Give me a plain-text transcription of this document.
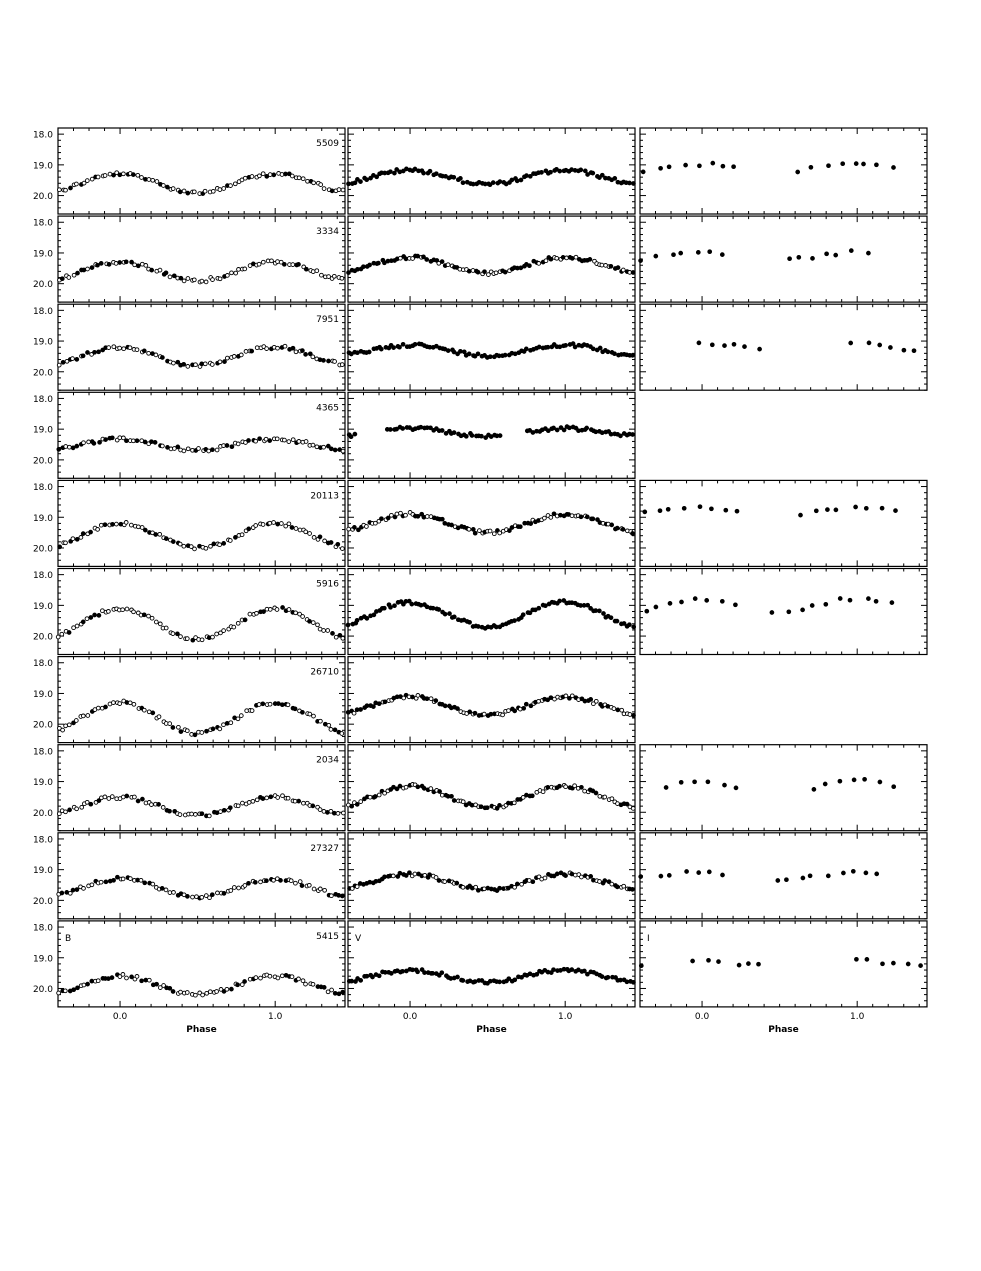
18.0
19.0
20.0
5509
18.0
19.0
20.0
3334
18.0
19.0
20.0
7951
18.0
19.0
20.0
4365
18.0
19.0
20.0
20113
18.0
19.0
20.0
5916
18.0
19.0
20.0
26710
18.0
19.0
20.0
2034
18.0
19.0
20.0
27327
18.0
19.0
20.0
5415
B
0.0	1.0
Phase
V
0.0	1.0
Phase
I
0.0	1.0
Phase
